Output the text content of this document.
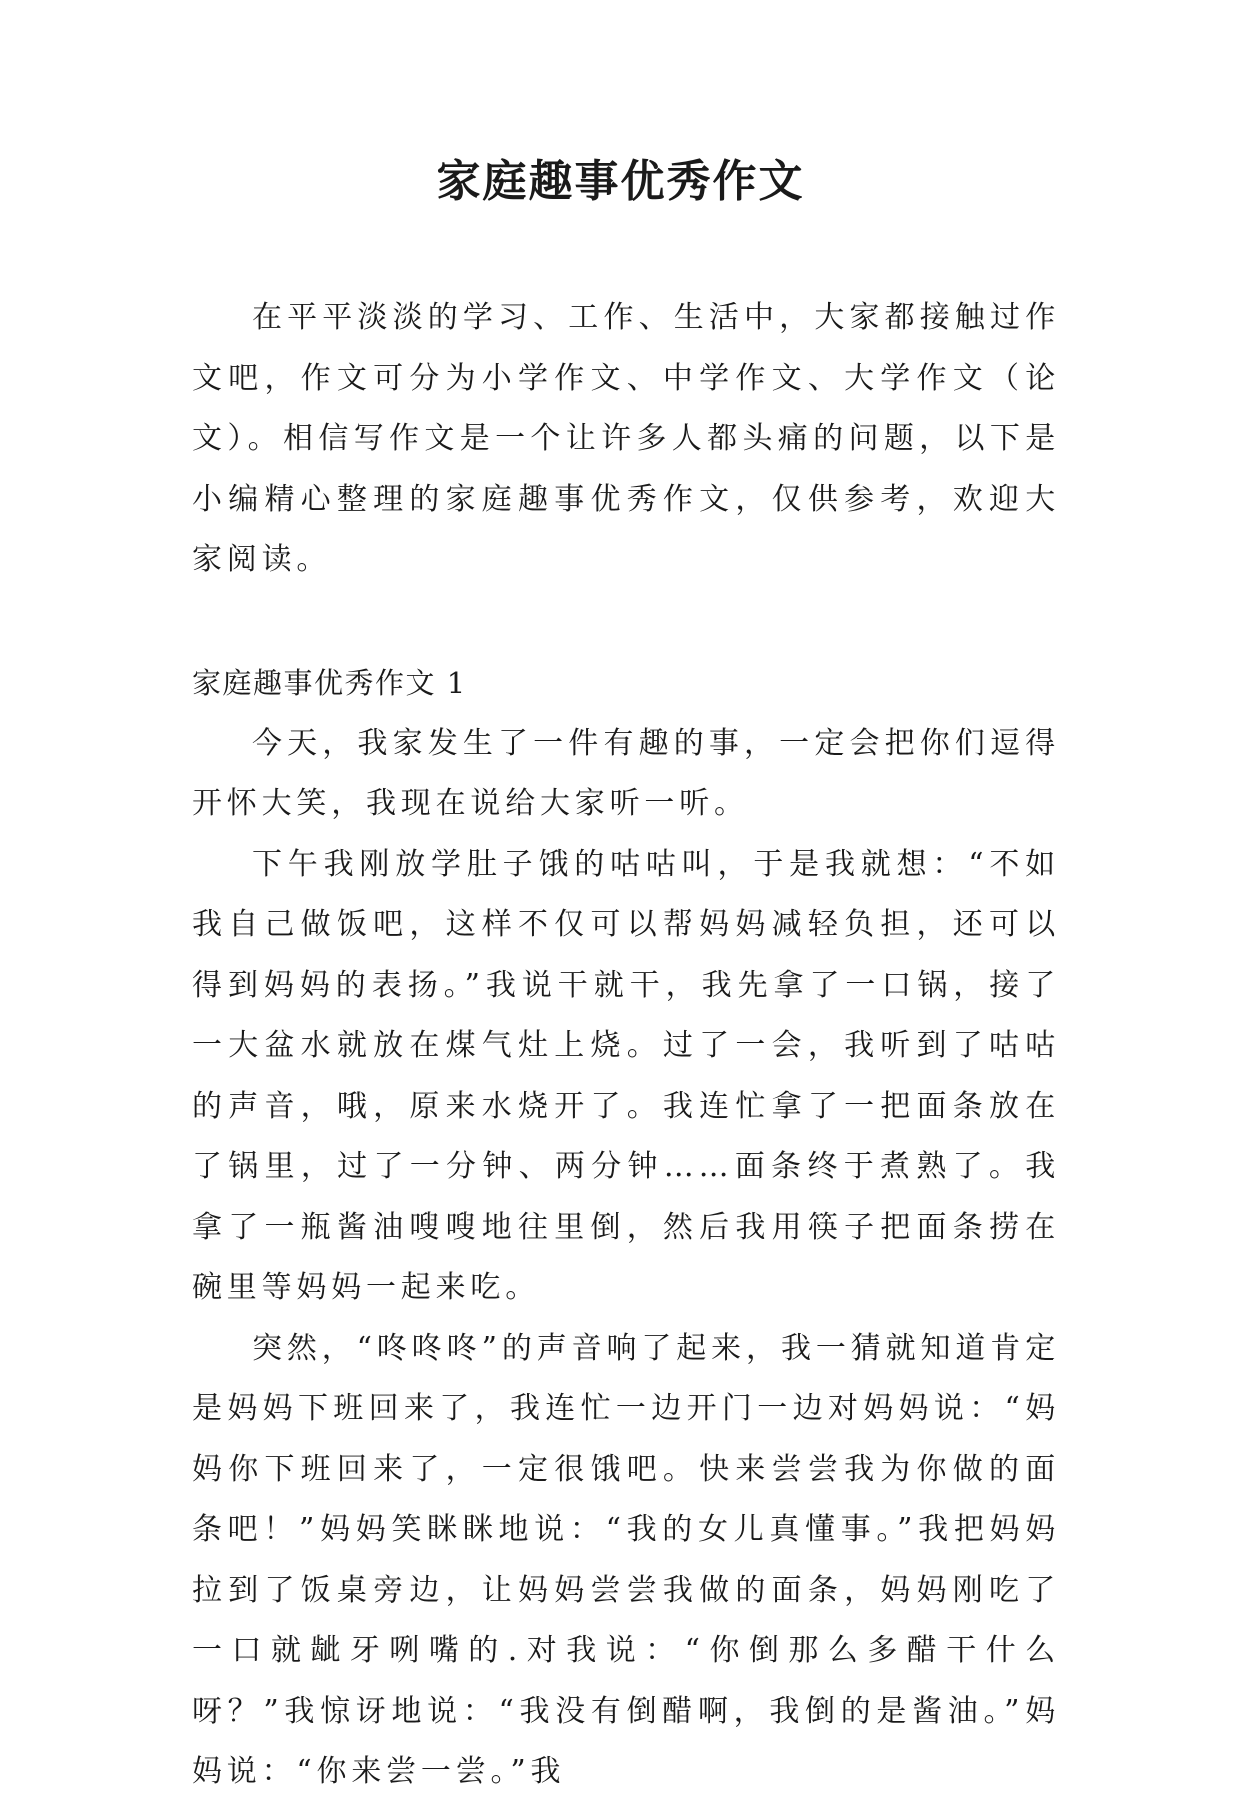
家庭趣事优秀作文

在平平淡淡的学习、工作、生活中，大家都接触过作文吧，作文可分为小学作文、中学作文、大学作文（论文）。相信写作文是一个让许多人都头痛的问题，以下是小编精心整理的家庭趣事优秀作文，仅供参考，欢迎大家阅读。

家庭趣事优秀作文 1

今天，我家发生了一件有趣的事，一定会把你们逗得开怀大笑，我现在说给大家听一听。

下午我刚放学肚子饿的咕咕叫，于是我就想：“不如我自己做饭吧，这样不仅可以帮妈妈减轻负担，还可以得到妈妈的表扬。”我说干就干，我先拿了一口锅，接了一大盆水就放在煤气灶上烧。过了一会，我听到了咕咕的声音，哦，原来水烧开了。我连忙拿了一把面条放在了锅里，过了一分钟、两分钟……面条终于煮熟了。我拿了一瓶酱油嗖嗖地往里倒，然后我用筷子把面条捞在碗里等妈妈一起来吃。

突然，“咚咚咚”的声音响了起来，我一猜就知道肯定是妈妈下班回来了，我连忙一边开门一边对妈妈说：“妈妈你下班回来了，一定很饿吧。快来尝尝我为你做的面条吧！”妈妈笑眯眯地说：“我的女儿真懂事。”我把妈妈拉到了饭桌旁边，让妈妈尝尝我做的面条，妈妈刚吃了一口就龇牙咧嘴的.对我说：“你倒那么多醋干什么呀？”我惊讶地说：“我没有倒醋啊，我倒的是酱油。”妈妈说：“你来尝一尝。”我
